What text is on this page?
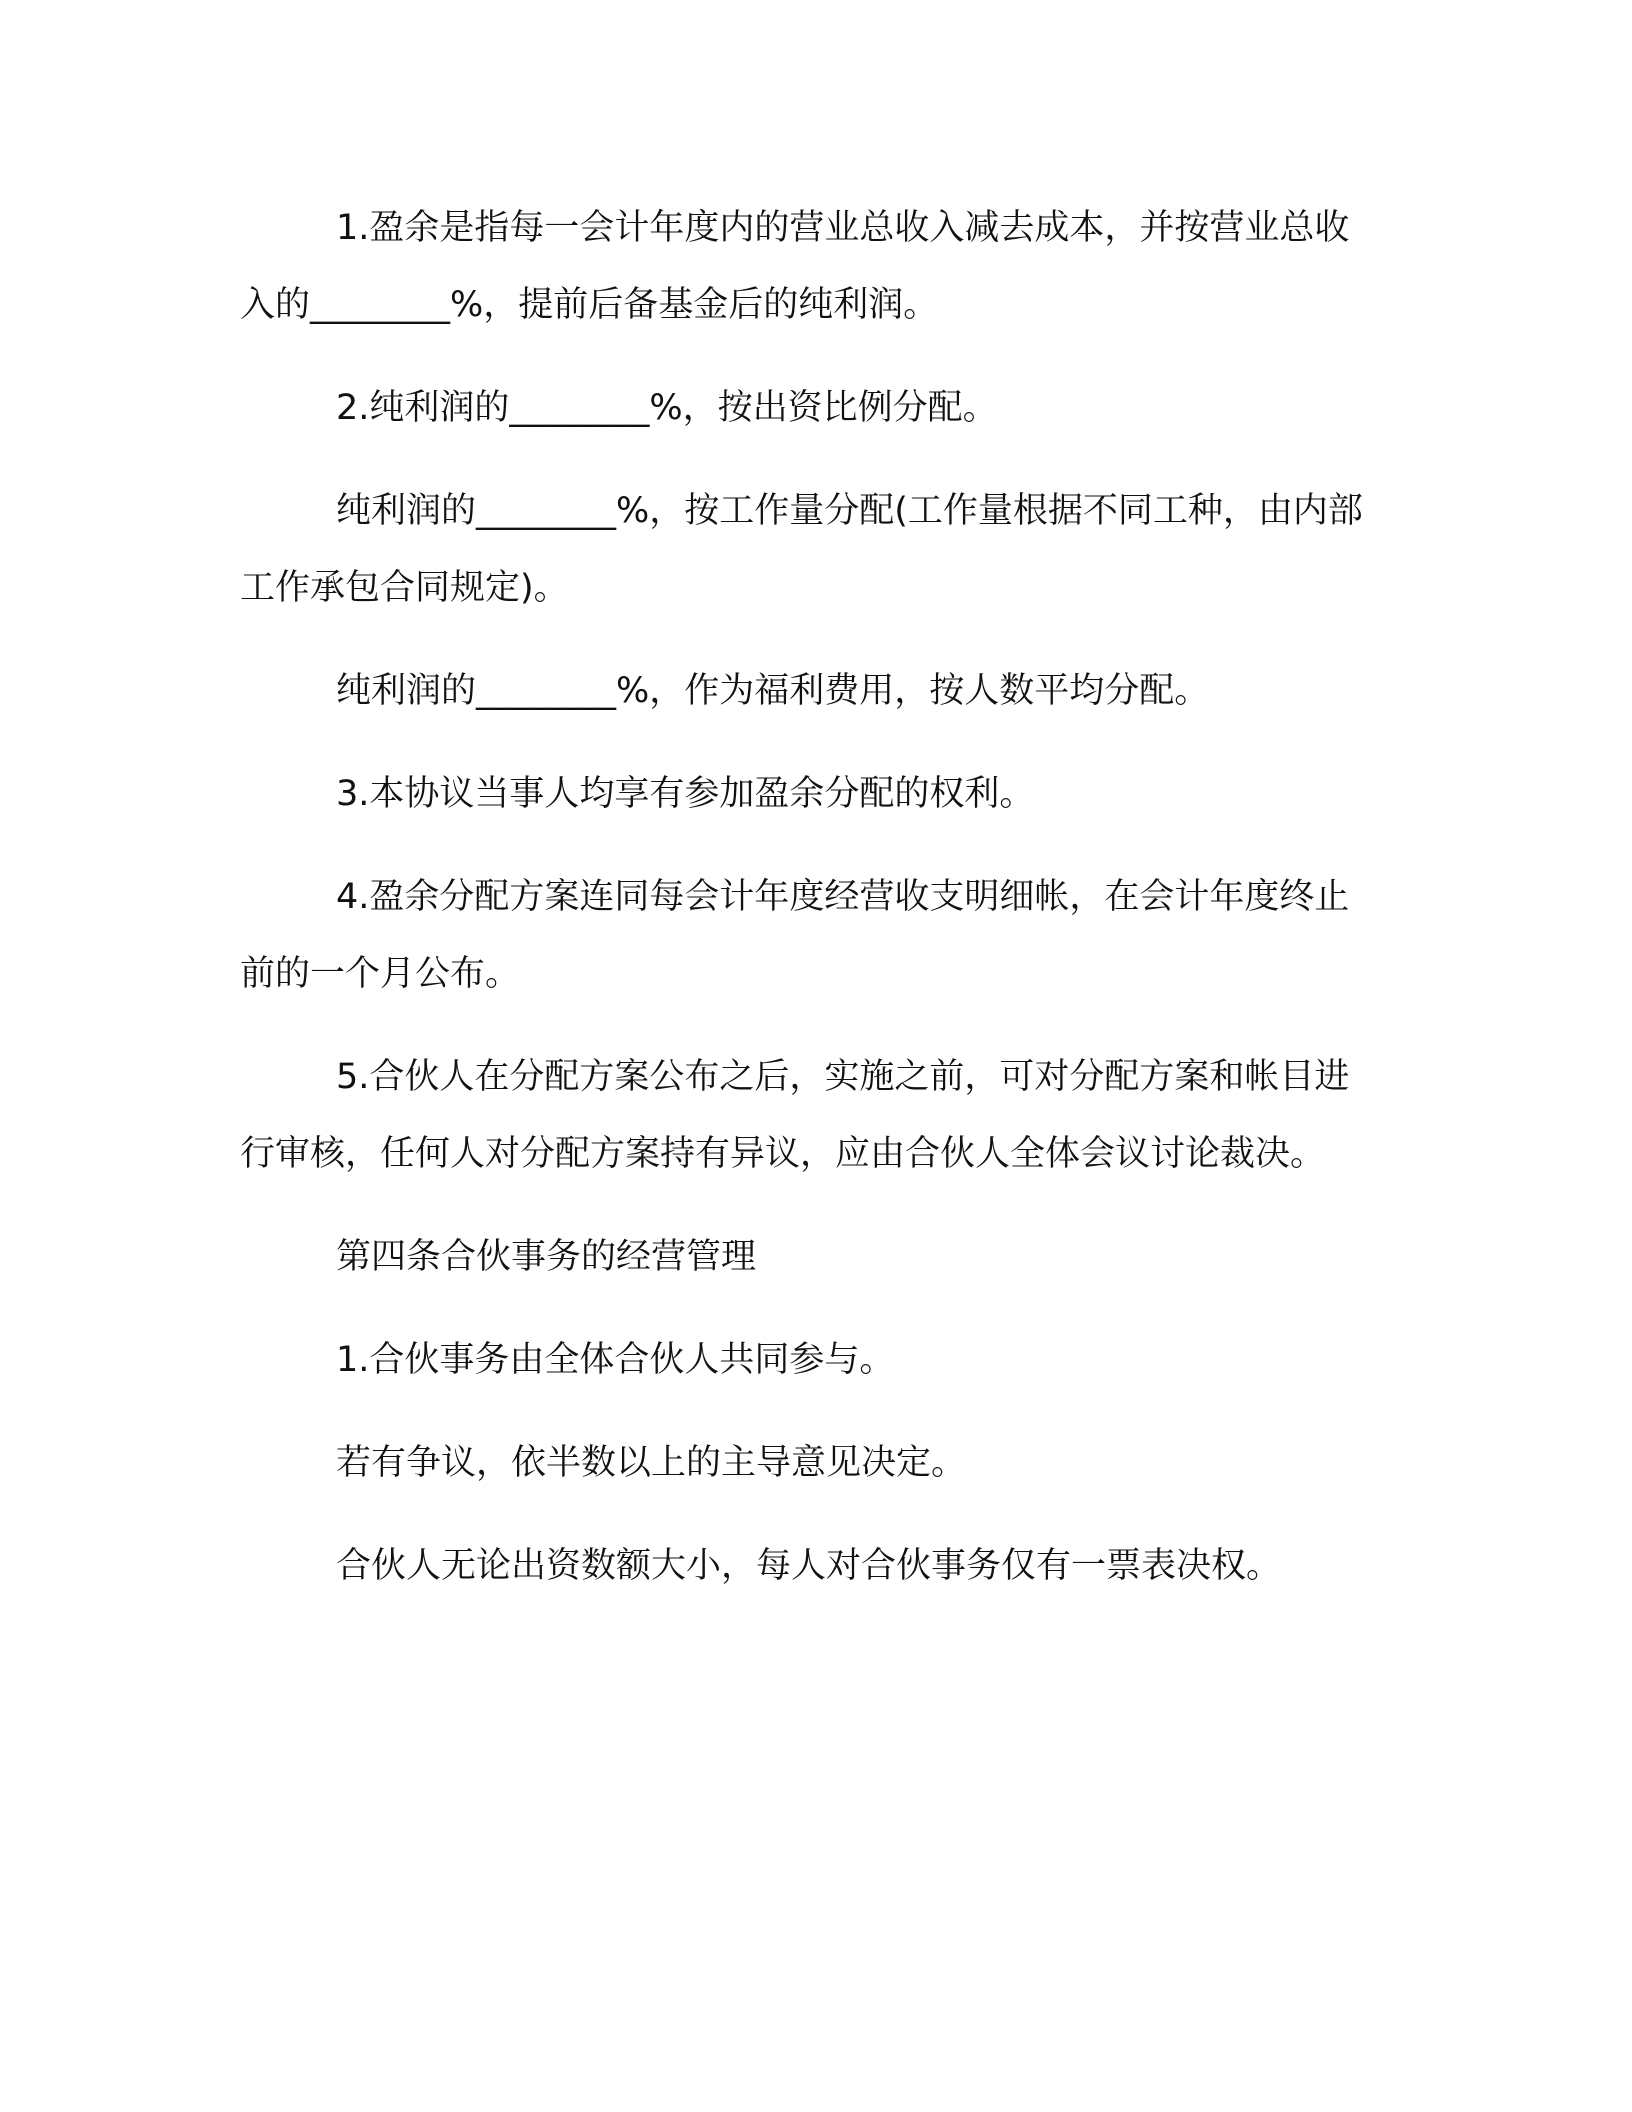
1.盈余是指每一会计年度内的营业总收入减去成本，并按营业总收入的________%，提前后备基金后的纯利润。

2.纯利润的________%，按出资比例分配。

纯利润的________%，按工作量分配(工作量根据不同工种，由内部工作承包合同规定)。

纯利润的________%，作为福利费用，按人数平均分配。

3.本协议当事人均享有参加盈余分配的权利。

4.盈余分配方案连同每会计年度经营收支明细帐，在会计年度终止前的一个月公布。

5.合伙人在分配方案公布之后，实施之前，可对分配方案和帐目进行审核，任何人对分配方案持有异议，应由合伙人全体会议讨论裁决。

第四条合伙事务的经营管理

1.合伙事务由全体合伙人共同参与。

若有争议，依半数以上的主导意见决定。

合伙人无论出资数额大小，每人对合伙事务仅有一票表决权。
